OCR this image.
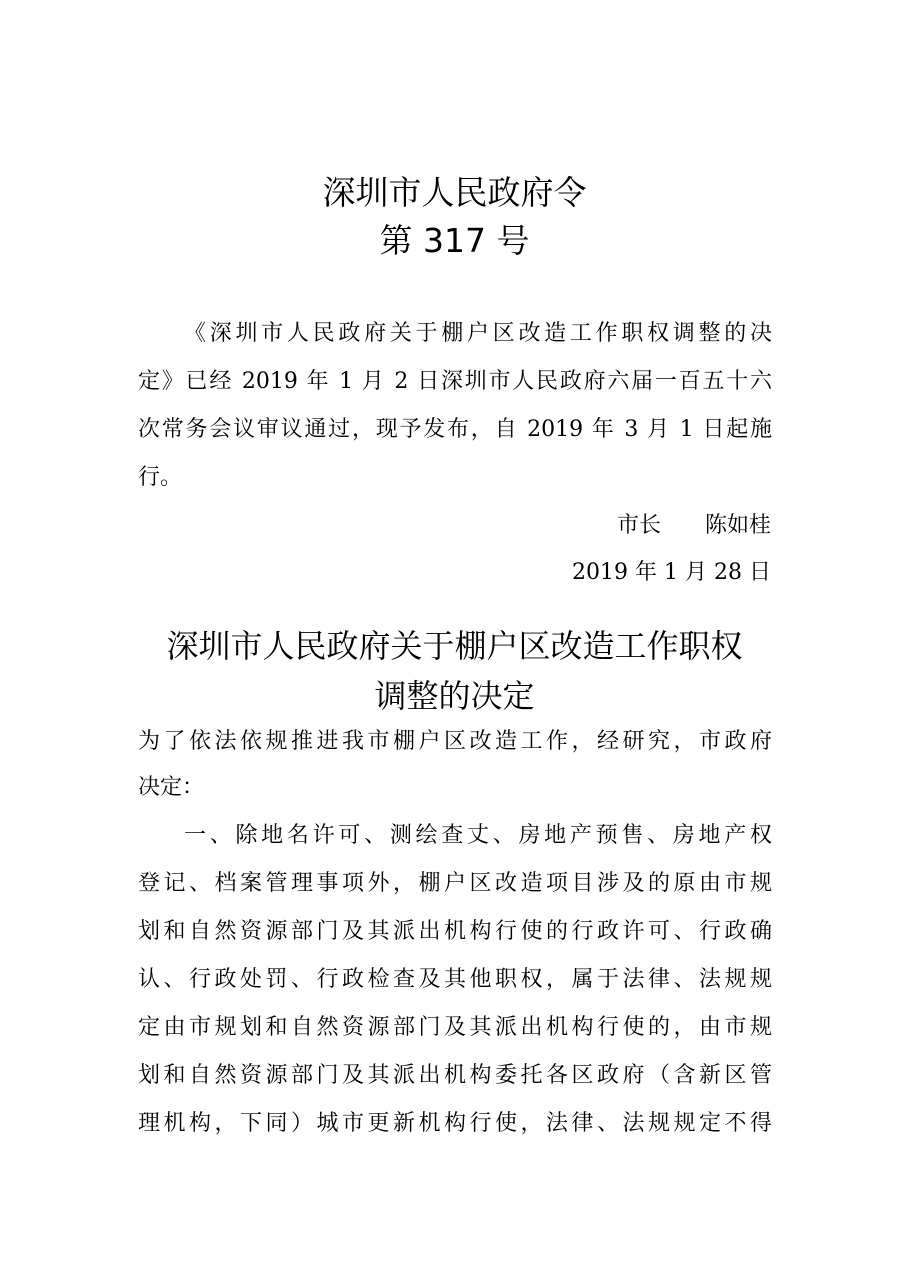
深圳市人民政府令
第 317 号
《深圳市人民政府关于棚户区改造工作职权调整的决
定》已经 2019 年 1 月 2 日深圳市人民政府六届一百五十六
次常务会议审议通过，现予发布，自 2019 年 3 月 1 日起施
行。
市长　　陈如桂
2019 年 1 月 28 日
深圳市人民政府关于棚户区改造工作职权
调整的决定
为了依法依规推进我市棚户区改造工作，经研究，市政府
决定：
一、除地名许可、测绘查丈、房地产预售、房地产权
登记、档案管理事项外，棚户区改造项目涉及的原由市规
划和自然资源部门及其派出机构行使的行政许可、行政确
认、行政处罚、行政检查及其他职权，属于法律、法规规
定由市规划和自然资源部门及其派出机构行使的，由市规
划和自然资源部门及其派出机构委托各区政府（含新区管
理机构，下同）城市更新机构行使，法律、法规规定不得
